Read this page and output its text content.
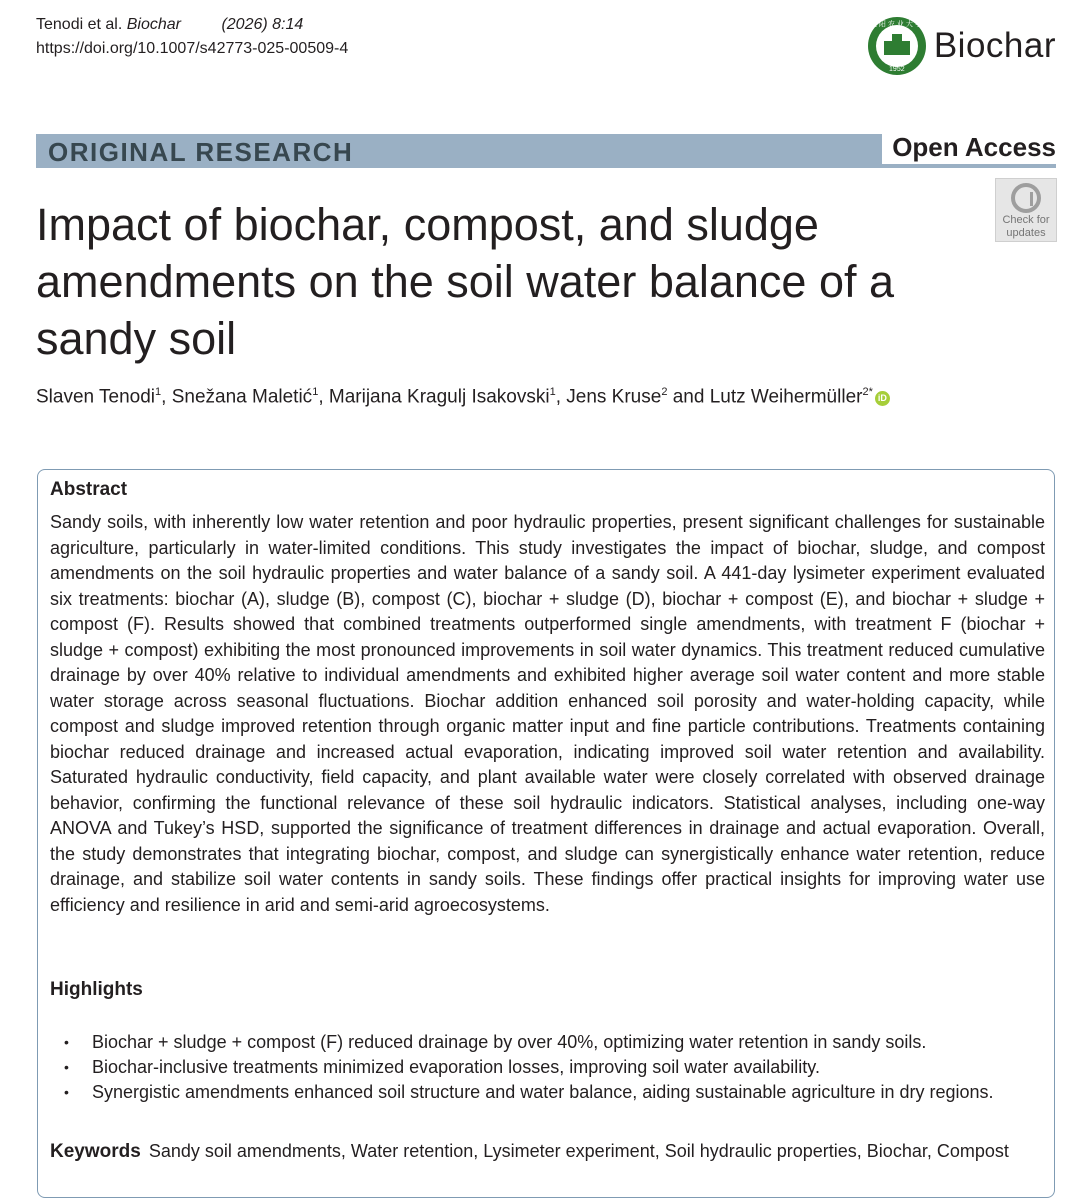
Tenodi et al. Biochar	(2026) 8:14
https://doi.org/10.1007/s42773-025-00509-4
沈阳农业大学
1952
Biochar
ORIGINAL RESEARCH	Open Access
Impact of biochar, compost, and sludge amendments on the soil water balance of a sandy soil
Check for
updates
Slaven Tenodi$^1$, Snežana Maletić$^1$, Marijana Kragulj Isakovski$^1$, Jens Kruse$^2$ and Lutz Weihermüller$^{2*}$iD
Abstract

Sandy soils, with inherently low water retention and poor hydraulic properties, present significant challenges for sustainable agriculture, particularly in water-limited conditions. This study investigates the impact of biochar, sludge, and compost amendments on the soil hydraulic properties and water balance of a sandy soil. A 441-day lysimeter experiment evaluated six treatments: biochar (A), sludge (B), compost (C), biochar + sludge (D), biochar + compost (E), and biochar + sludge + compost (F). Results showed that combined treatments outperformed single amendments, with treatment F (biochar + sludge + compost) exhibiting the most pronounced improvements in soil water dynamics. This treatment reduced cumulative drainage by over 40% relative to individual amendments and exhibited higher average soil water content and more stable water storage across seasonal fluctuations. Biochar addition enhanced soil porosity and water-holding capacity, while compost and sludge improved retention through organic matter input and fine particle contributions. Treatments containing biochar reduced drainage and increased actual evaporation, indicating improved soil water retention and availability. Saturated hydraulic conductivity, field capacity, and plant available water were closely correlated with observed drainage behavior, confirming the functional relevance of these soil hydraulic indicators. Statistical analyses, including one-way ANOVA and Tukey’s HSD, supported the significance of treatment differences in drainage and actual evaporation. Overall, the study demonstrates that integrating biochar, compost, and sludge can synergistically enhance water retention, reduce drainage, and stabilize soil water contents in sandy soils. These findings offer practical insights for improving water use efficiency and resilience in arid and semi-arid agroecosystems.

Highlights
• Biochar + sludge + compost (F) reduced drainage by over 40%, optimizing water retention in sandy soils.
• Biochar-inclusive treatments minimized evaporation losses, improving soil water availability.
• Synergistic amendments enhanced soil structure and water balance, aiding sustainable agriculture in dry regions.
Keywords Sandy soil amendments, Water retention, Lysimeter experiment, Soil hydraulic properties, Biochar, Compost
